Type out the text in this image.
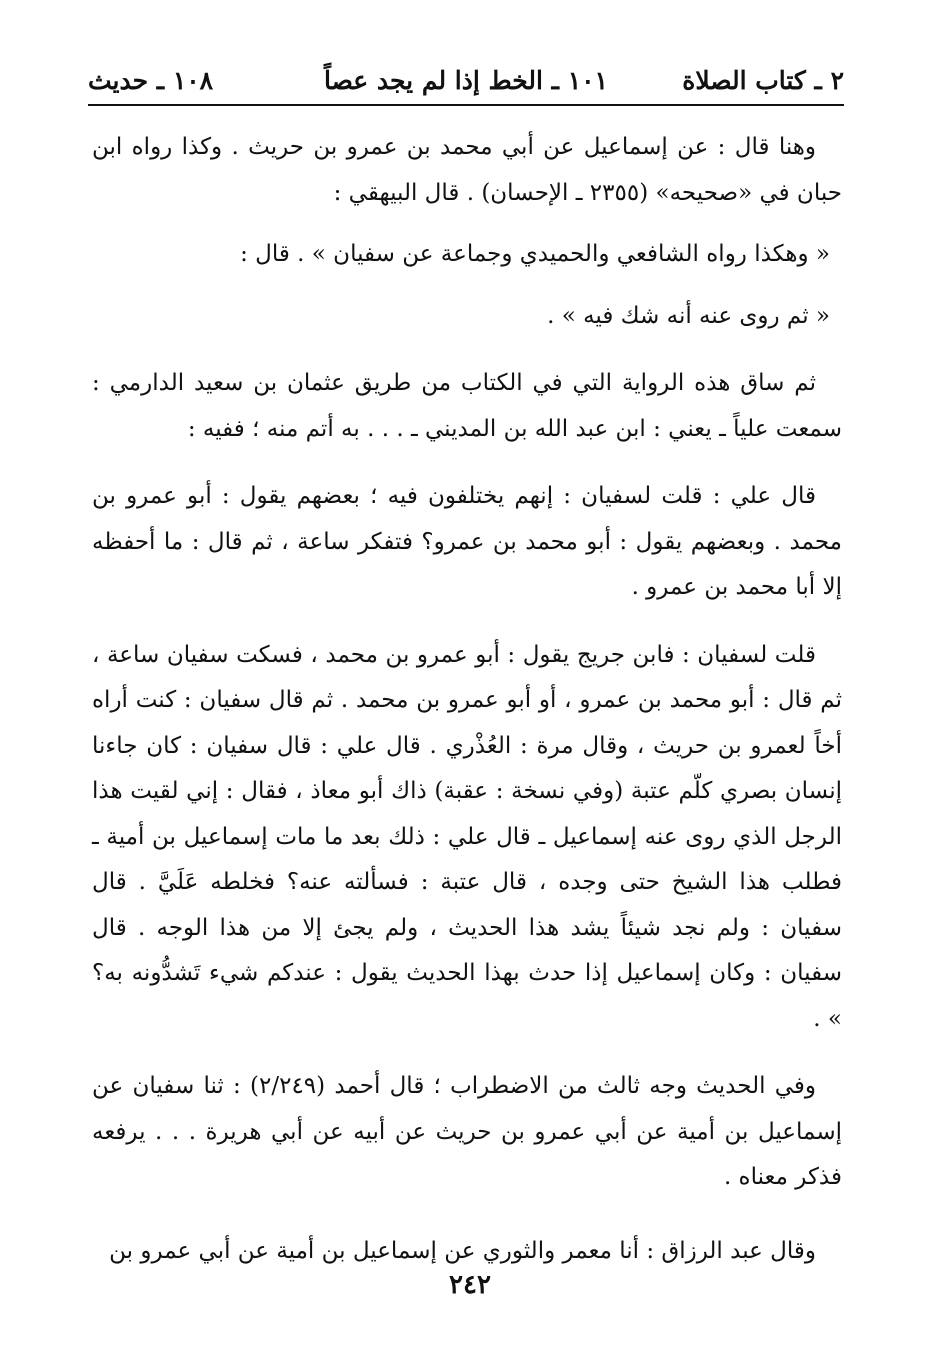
٢ ـ كتاب الصلاة
١٠١ ـ الخط إذا لم يجد عصاً
١٠٨ ـ حديث

وهنا قال : عن إسماعيل عن أبي محمد بن عمرو بن حريث . وكذا رواه ابن حبان في «صحيحه» (٢٣٥٥ ـ الإحسان) . قال البيهقي :

« وهكذا رواه الشافعي والحميدي وجماعة عن سفيان » . قال :

« ثم روى عنه أنه شك فيه » .

ثم ساق هذه الرواية التي في الكتاب من طريق عثمان بن سعيد الدارمي : سمعت علياً ـ يعني : ابن عبد الله بن المديني ـ . . . به أتم منه ؛ ففيه :

قال علي : قلت لسفيان : إنهم يختلفون فيه ؛ بعضهم يقول : أبو عمرو بن محمد . وبعضهم يقول : أبو محمد بن عمرو؟ فتفكر ساعة ، ثم قال : ما أحفظه إلا أبا محمد بن عمرو .

قلت لسفيان : فابن جريج يقول : أبو عمرو بن محمد ، فسكت سفيان ساعة ، ثم قال : أبو محمد بن عمرو ، أو أبو عمرو بن محمد . ثم قال سفيان : كنت أراه أخاً لعمرو بن حريث ، وقال مرة : العُذْري . قال علي : قال سفيان : كان جاءنا إنسان بصري كلّم عتبة (وفي نسخة : عقبة) ذاك أبو معاذ ، فقال : إني لقيت هذا الرجل الذي روى عنه إسماعيل ـ قال علي : ذلك بعد ما مات إسماعيل بن أمية ـ فطلب هذا الشيخ حتى وجده ، قال عتبة : فسألته عنه؟ فخلطه عَلَيَّ . قال سفيان : ولم نجد شيئاً يشد هذا الحديث ، ولم يجئ إلا من هذا الوجه . قال سفيان : وكان إسماعيل إذا حدث بهذا الحديث يقول : عندكم شيء تَشدُّونه به؟ » .

وفي الحديث وجه ثالث من الاضطراب ؛ قال أحمد (٢/٢٤٩) : ثنا سفيان عن إسماعيل بن أمية عن أبي عمرو بن حريث عن أبيه عن أبي هريرة . . . يرفعه فذكر معناه .

وقال عبد الرزاق : أنا معمر والثوري عن إسماعيل بن أمية عن أبي عمرو بن

٢٤٢
